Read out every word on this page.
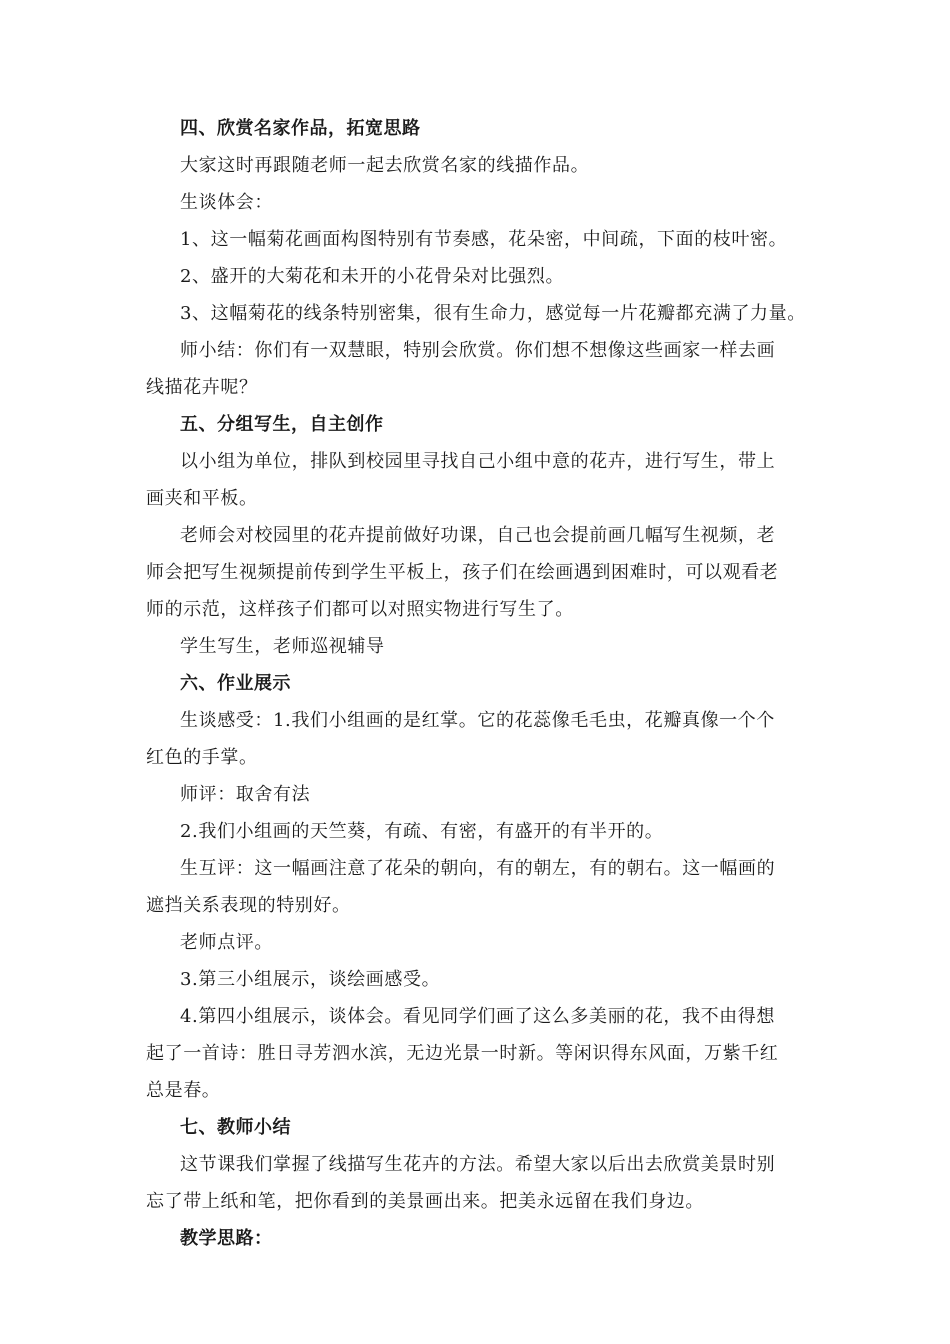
四、欣赏名家作品，拓宽思路
大家这时再跟随老师一起去欣赏名家的线描作品。
生谈体会：
1、这一幅菊花画面构图特别有节奏感，花朵密，中间疏，下面的枝叶密。
2、盛开的大菊花和未开的小花骨朵对比强烈。
3、这幅菊花的线条特别密集，很有生命力，感觉每一片花瓣都充满了力量。
师小结：你们有一双慧眼，特别会欣赏。你们想不想像这些画家一样去画
线描花卉呢？
五、分组写生，自主创作
以小组为单位，排队到校园里寻找自己小组中意的花卉，进行写生，带上
画夹和平板。
老师会对校园里的花卉提前做好功课，自己也会提前画几幅写生视频，老
师会把写生视频提前传到学生平板上，孩子们在绘画遇到困难时，可以观看老
师的示范，这样孩子们都可以对照实物进行写生了。
学生写生，老师巡视辅导
六、作业展示
生谈感受：1.我们小组画的是红掌。它的花蕊像毛毛虫，花瓣真像一个个
红色的手掌。
师评：取舍有法
2.我们小组画的天竺葵，有疏、有密，有盛开的有半开的。
生互评：这一幅画注意了花朵的朝向，有的朝左，有的朝右。这一幅画的
遮挡关系表现的特别好。
老师点评。
3.第三小组展示，谈绘画感受。
4.第四小组展示，谈体会。看见同学们画了这么多美丽的花，我不由得想
起了一首诗：胜日寻芳泗水滨，无边光景一时新。等闲识得东风面，万紫千红
总是春。
七、教师小结
这节课我们掌握了线描写生花卉的方法。希望大家以后出去欣赏美景时别
忘了带上纸和笔，把你看到的美景画出来。把美永远留在我们身边。
教学思路：
